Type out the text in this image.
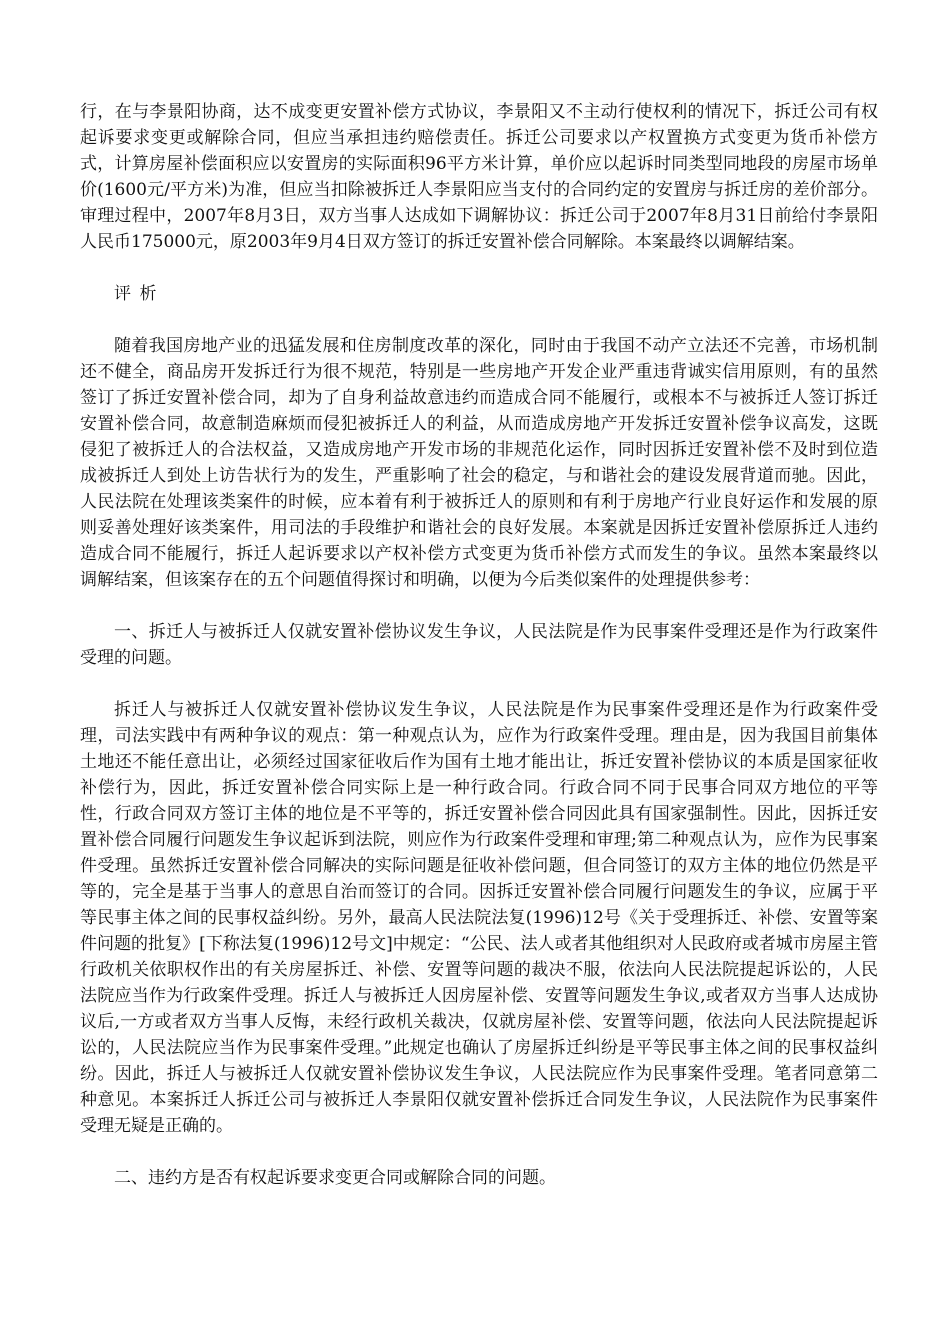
行，在与李景阳协商，达不成变更安置补偿方式协议，李景阳又不主动行使权利的情况下，拆迁公司有权起诉要求变更或解除合同，但应当承担违约赔偿责任。拆迁公司要求以产权置换方式变更为货币补偿方式，计算房屋补偿面积应以安置房的实际面积96平方米计算，单价应以起诉时同类型同地段的房屋市场单价(1600元/平方米)为准，但应当扣除被拆迁人李景阳应当支付的合同约定的安置房与拆迁房的差价部分。审理过程中，2007年8月3日，双方当事人达成如下调解协议：拆迁公司于2007年8月31日前给付李景阳人民币175000元，原2003年9月4日双方签订的拆迁安置补偿合同解除。本案最终以调解结案。

评析

随着我国房地产业的迅猛发展和住房制度改革的深化，同时由于我国不动产立法还不完善，市场机制还不健全，商品房开发拆迁行为很不规范，特别是一些房地产开发企业严重违背诚实信用原则，有的虽然签订了拆迁安置补偿合同，却为了自身利益故意违约而造成合同不能履行，或根本不与被拆迁人签订拆迁安置补偿合同，故意制造麻烦而侵犯被拆迁人的利益，从而造成房地产开发拆迁安置补偿争议高发，这既侵犯了被拆迁人的合法权益，又造成房地产开发市场的非规范化运作，同时因拆迁安置补偿不及时到位造成被拆迁人到处上访告状行为的发生，严重影响了社会的稳定，与和谐社会的建设发展背道而驰。因此，人民法院在处理该类案件的时候，应本着有利于被拆迁人的原则和有利于房地产行业良好运作和发展的原则妥善处理好该类案件，用司法的手段维护和谐社会的良好发展。本案就是因拆迁安置补偿原拆迁人违约造成合同不能履行，拆迁人起诉要求以产权补偿方式变更为货币补偿方式而发生的争议。虽然本案最终以调解结案，但该案存在的五个问题值得探讨和明确，以便为今后类似案件的处理提供参考：

一、拆迁人与被拆迁人仅就安置补偿协议发生争议，人民法院是作为民事案件受理还是作为行政案件受理的问题。

拆迁人与被拆迁人仅就安置补偿协议发生争议，人民法院是作为民事案件受理还是作为行政案件受理，司法实践中有两种争议的观点：第一种观点认为，应作为行政案件受理。理由是，因为我国目前集体土地还不能任意出让，必须经过国家征收后作为国有土地才能出让，拆迁安置补偿协议的本质是国家征收补偿行为，因此，拆迁安置补偿合同实际上是一种行政合同。行政合同不同于民事合同双方地位的平等性，行政合同双方签订主体的地位是不平等的，拆迁安置补偿合同因此具有国家强制性。因此，因拆迁安置补偿合同履行问题发生争议起诉到法院，则应作为行政案件受理和审理;第二种观点认为，应作为民事案件受理。虽然拆迁安置补偿合同解决的实际问题是征收补偿问题，但合同签订的双方主体的地位仍然是平等的，完全是基于当事人的意思自治而签订的合同。因拆迁安置补偿合同履行问题发生的争议，应属于平等民事主体之间的民事权益纠纷。另外，最高人民法院法复(1996)12号《关于受理拆迁、补偿、安置等案件问题的批复》[下称法复(1996)12号文]中规定：“公民、法人或者其他组织对人民政府或者城市房屋主管行政机关依职权作出的有关房屋拆迁、补偿、安置等问题的裁决不服，依法向人民法院提起诉讼的，人民法院应当作为行政案件受理。拆迁人与被拆迁人因房屋补偿、安置等问题发生争议,或者双方当事人达成协议后,一方或者双方当事人反悔，未经行政机关裁决，仅就房屋补偿、安置等问题，依法向人民法院提起诉讼的，人民法院应当作为民事案件受理。”此规定也确认了房屋拆迁纠纷是平等民事主体之间的民事权益纠纷。因此，拆迁人与被拆迁人仅就安置补偿协议发生争议，人民法院应作为民事案件受理。笔者同意第二种意见。本案拆迁人拆迁公司与被拆迁人李景阳仅就安置补偿拆迁合同发生争议，人民法院作为民事案件受理无疑是正确的。

二、违约方是否有权起诉要求变更合同或解除合同的问题。
